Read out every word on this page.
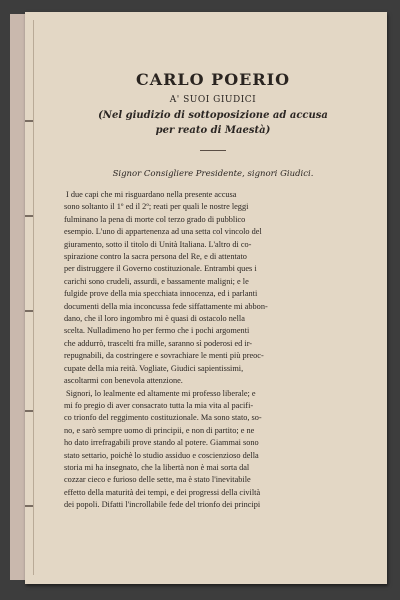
CARLO POERIO

A' SUOI GIUDICI

(Nel giudizio di sottoposizione ad accusa
per reato di Maestà)

Signor Consigliere Presidente, signori Giudici.

I due capi che mi risguardano nella presente accusa
sono soltanto il 1º ed il 2º; reati per quali le nostre leggi
fulminano la pena di morte col terzo grado di pubblico
esempio. L'uno di appartenenza ad una setta col vincolo del
giuramento, sotto il titolo di Unità Italiana. L'altro di co-
spirazione contro la sacra persona del Re, e di attentato
per distruggere il Governo costituzionale. Entrambi ques i
carichi sono crudeli, assurdi, e bassamente maligni; e le
fulgide prove della mia specchiata innocenza, ed i parlanti
documenti della mia inconcussa fede siffattamente mi abbon-
dano, che il loro ingombro mi è quasi di ostacolo nella
scelta. Nulladimeno ho per fermo che i pochi argomenti
che addurrò, trascelti fra mille, saranno sì poderosi ed ir-
repugnabili, da costringere e sovrachiare le menti più preoc-
cupate della mia reità. Vogliate, Giudici sapientissimi,
ascoltarmi con benevola attenzione.
Signori, lo lealmente ed altamente mi professo liberale; e
mi fo pregio di aver consacrato tutta la mia vita al pacifi-
co trionfo del reggimento costituzionale. Ma sono stato, so-
no, e sarò sempre uomo di principii, e non di partito; e ne
ho dato irrefragabili prove stando al potere. Giammai sono
stato settario, poichè lo studio assiduo e coscienzioso della
storia mi ha insegnato, che la libertà non è mai sorta dal
cozzar cieco e furioso delle sette, ma è stato l'inevitabile
effetto della maturità dei tempi, e dei progressi della civiltà
dei popoli. Difatti l'incrollabile fede del trionfo dei principi
